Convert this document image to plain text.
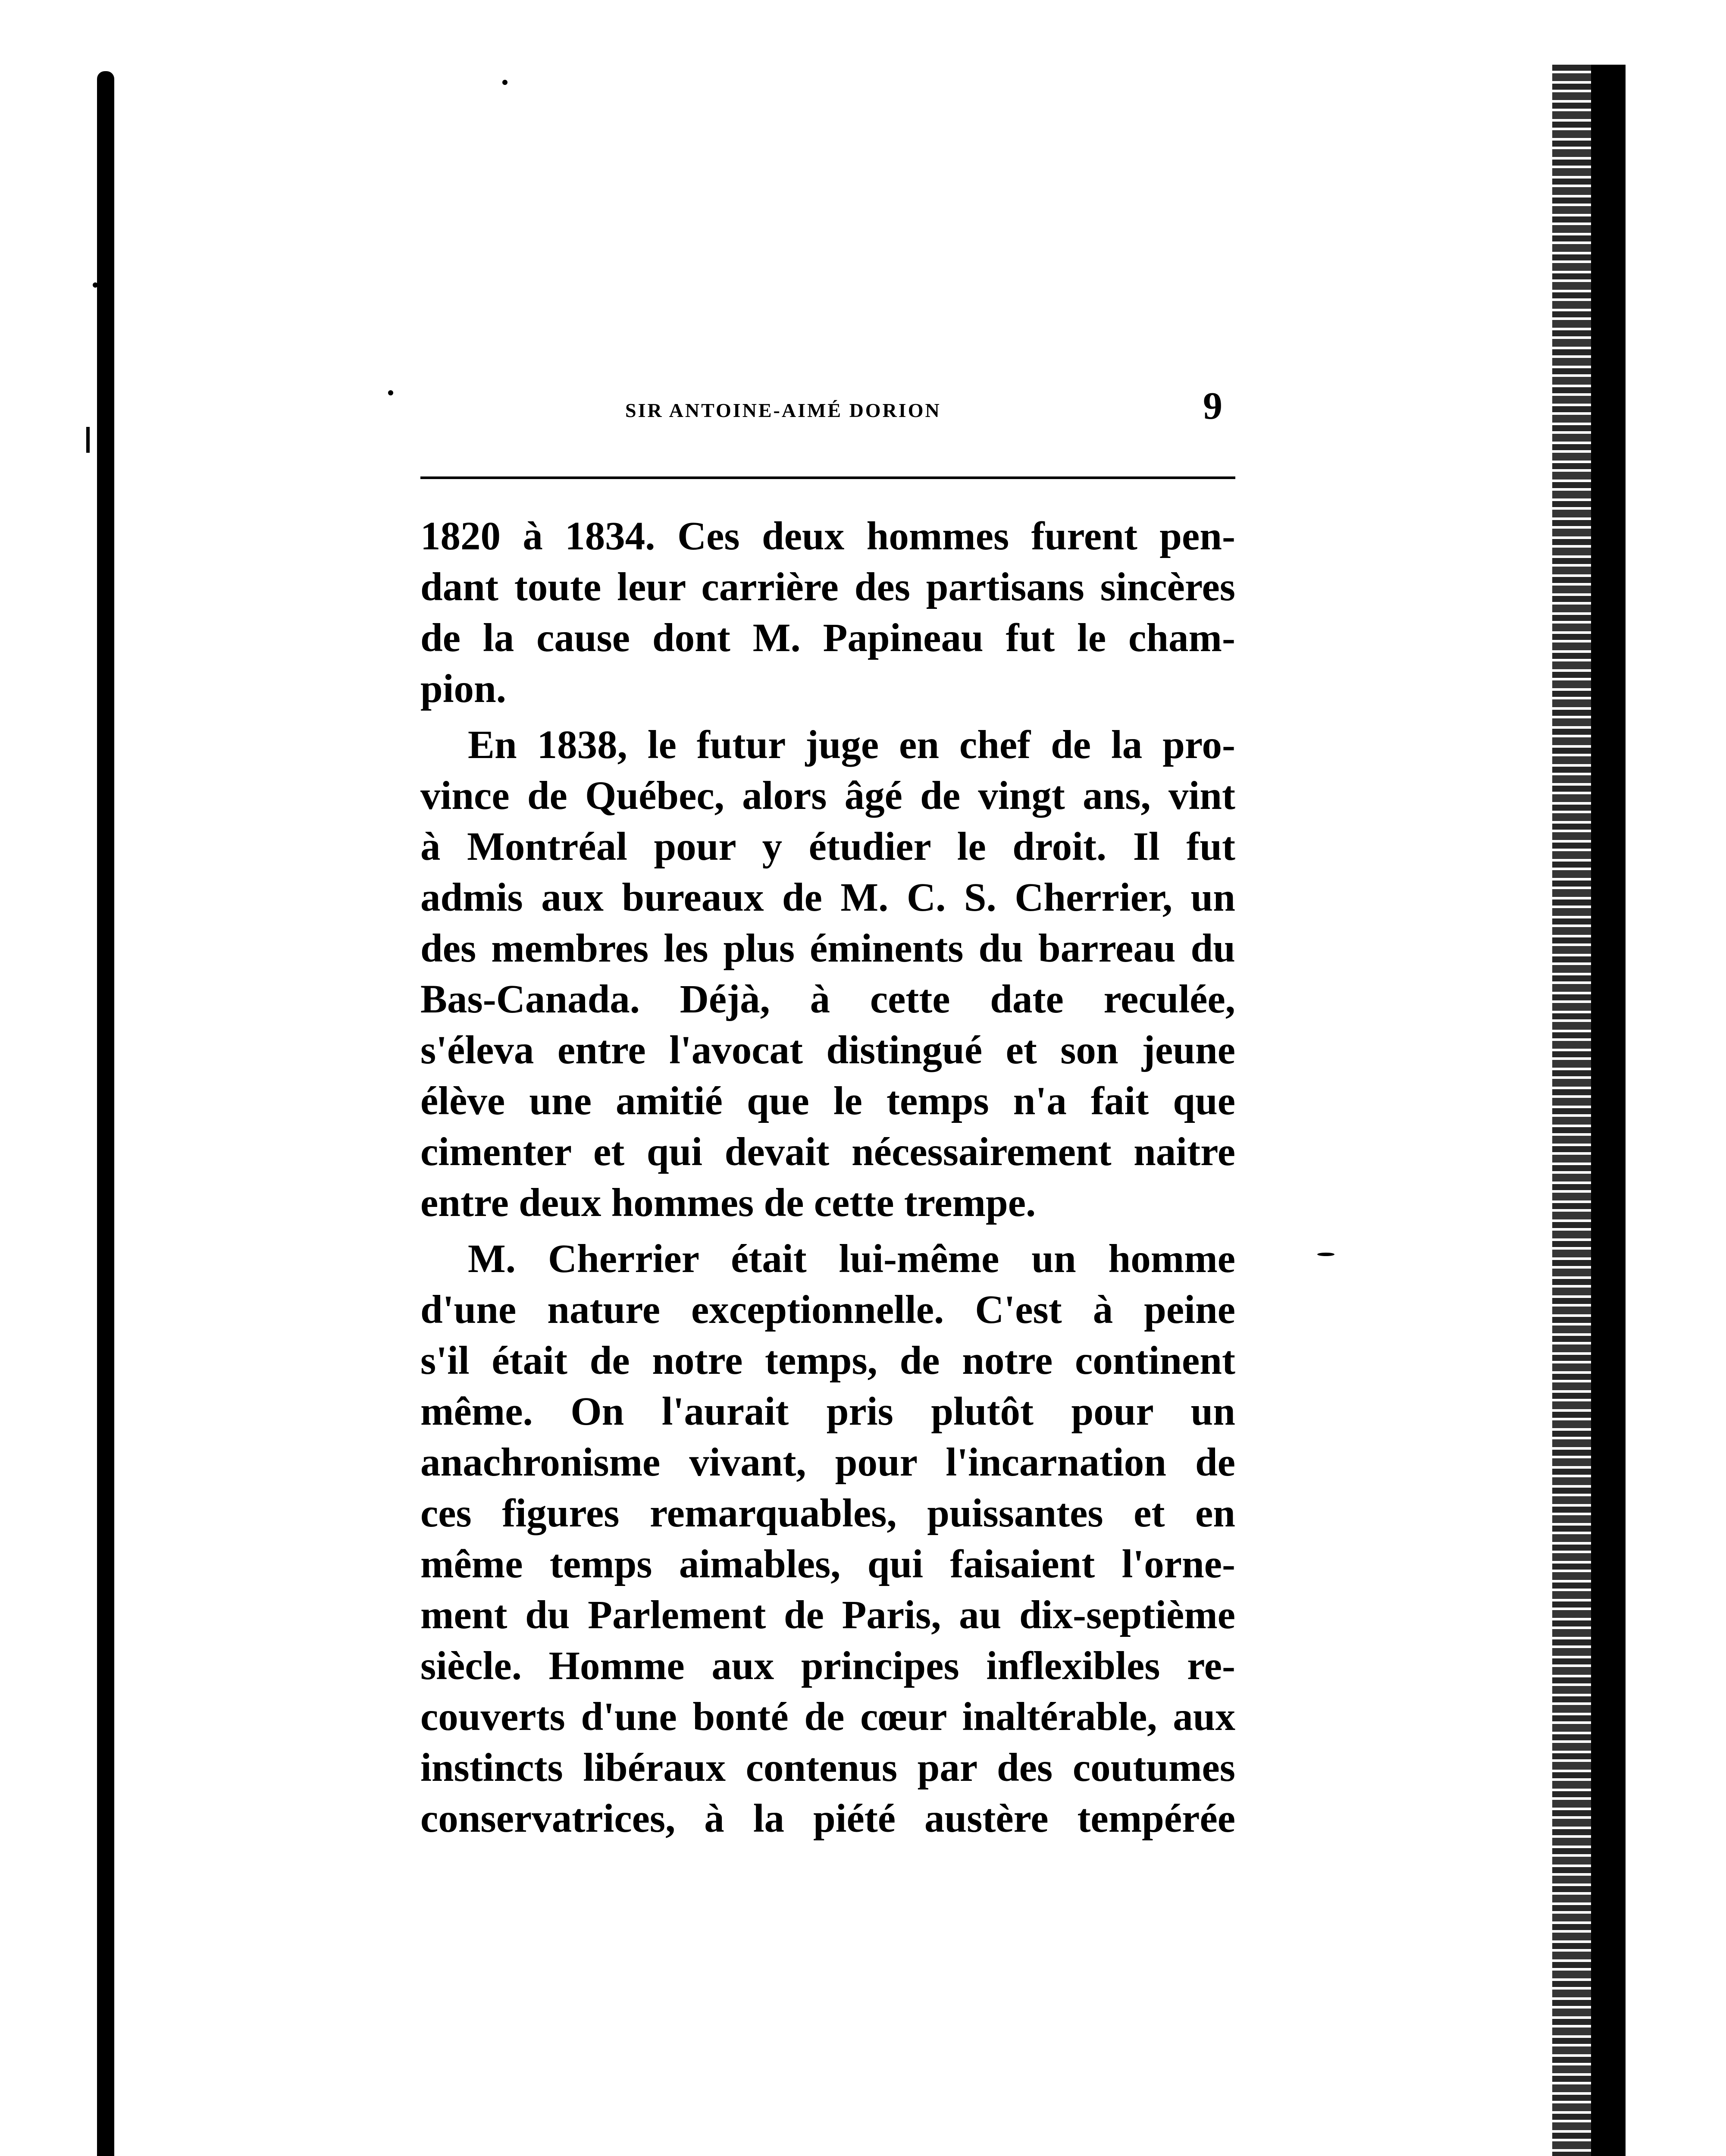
SIR ANTOINE-AIMÉ DORION	9
1820 à 1834. Ces deux hommes furent pen-
dant toute leur carrière des partisans sincères
de la cause dont M. Papineau fut le cham-
pion.
En 1838, le futur juge en chef de la pro-
vince de Québec, alors âgé de vingt ans, vint
à Montréal pour y étudier le droit. Il fut
admis aux bureaux de M. C. S. Cherrier, un
des membres les plus éminents du barreau du
Bas-Canada. Déjà, à cette date reculée,
s'éleva entre l'avocat distingué et son jeune
élève une amitié que le temps n'a fait que
cimenter et qui devait nécessairement naitre
entre deux hommes de cette trempe.
M. Cherrier était lui-même un homme
d'une nature exceptionnelle. C'est à peine
s'il était de notre temps, de notre continent
même. On l'aurait pris plutôt pour un
anachronisme vivant, pour l'incarnation de
ces figures remarquables, puissantes et en
même temps aimables, qui faisaient l'orne-
ment du Parlement de Paris, au dix-septième
siècle. Homme aux principes inflexibles re-
couverts d'une bonté de cœur inaltérable, aux
instincts libéraux contenus par des coutumes
conservatrices, à la piété austère tempérée
